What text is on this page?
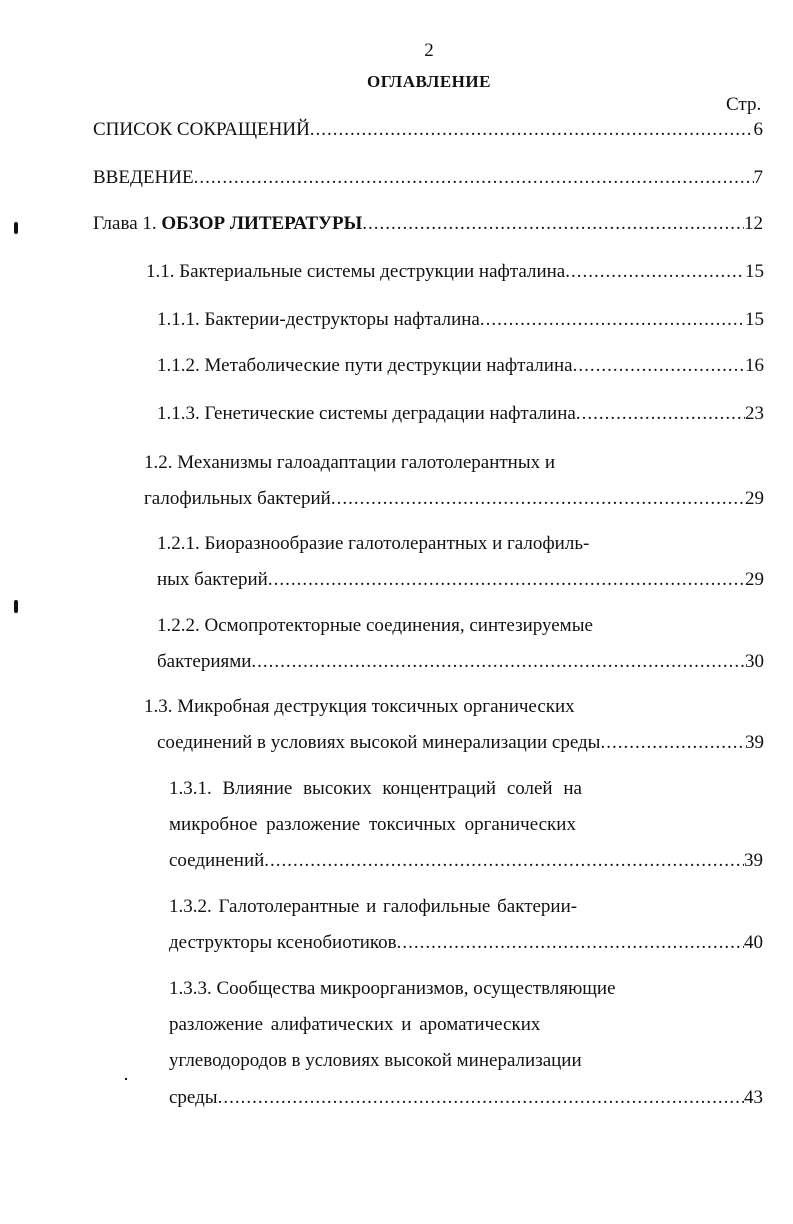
2
ОГЛАВЛЕНИЕ
Стр.
СПИСОК СОКРАЩЕНИЙ .....	6
ВВЕДЕНИЕ .....	7
Глава 1. ОБЗОР ЛИТЕРАТУРЫ .....	12
1.1. Бактериальные системы деструкции нафталина .....	15
1.1.1. Бактерии-деструкторы нафталина .....	15
1.1.2. Метаболические пути деструкции нафталина .....	16
1.1.3. Генетические системы деградации нафталина .....	23
1.2. Механизмы галоадаптации галотолерантных и
галофильных бактерий .....	29
1.2.1. Биоразнообразие галотолерантных и галофиль-
ных бактерий .....	29
1.2.2. Осмопротекторные соединения, синтезируемые
бактериями .....	30
1.3. Микробная деструкция токсичных органических
соединений в условиях высокой минерализации среды .....	39
1.3.1. Влияние высоких концентраций солей на
микробное разложение токсичных органических
соединений .....	39
1.3.2. Галотолерантные и галофильные бактерии-
деструкторы ксенобиотиков .....	40
1.3.3. Сообщества микроорганизмов, осуществляющие
разложение алифатических и ароматических
углеводородов в условиях высокой минерализации
среды .....	43
